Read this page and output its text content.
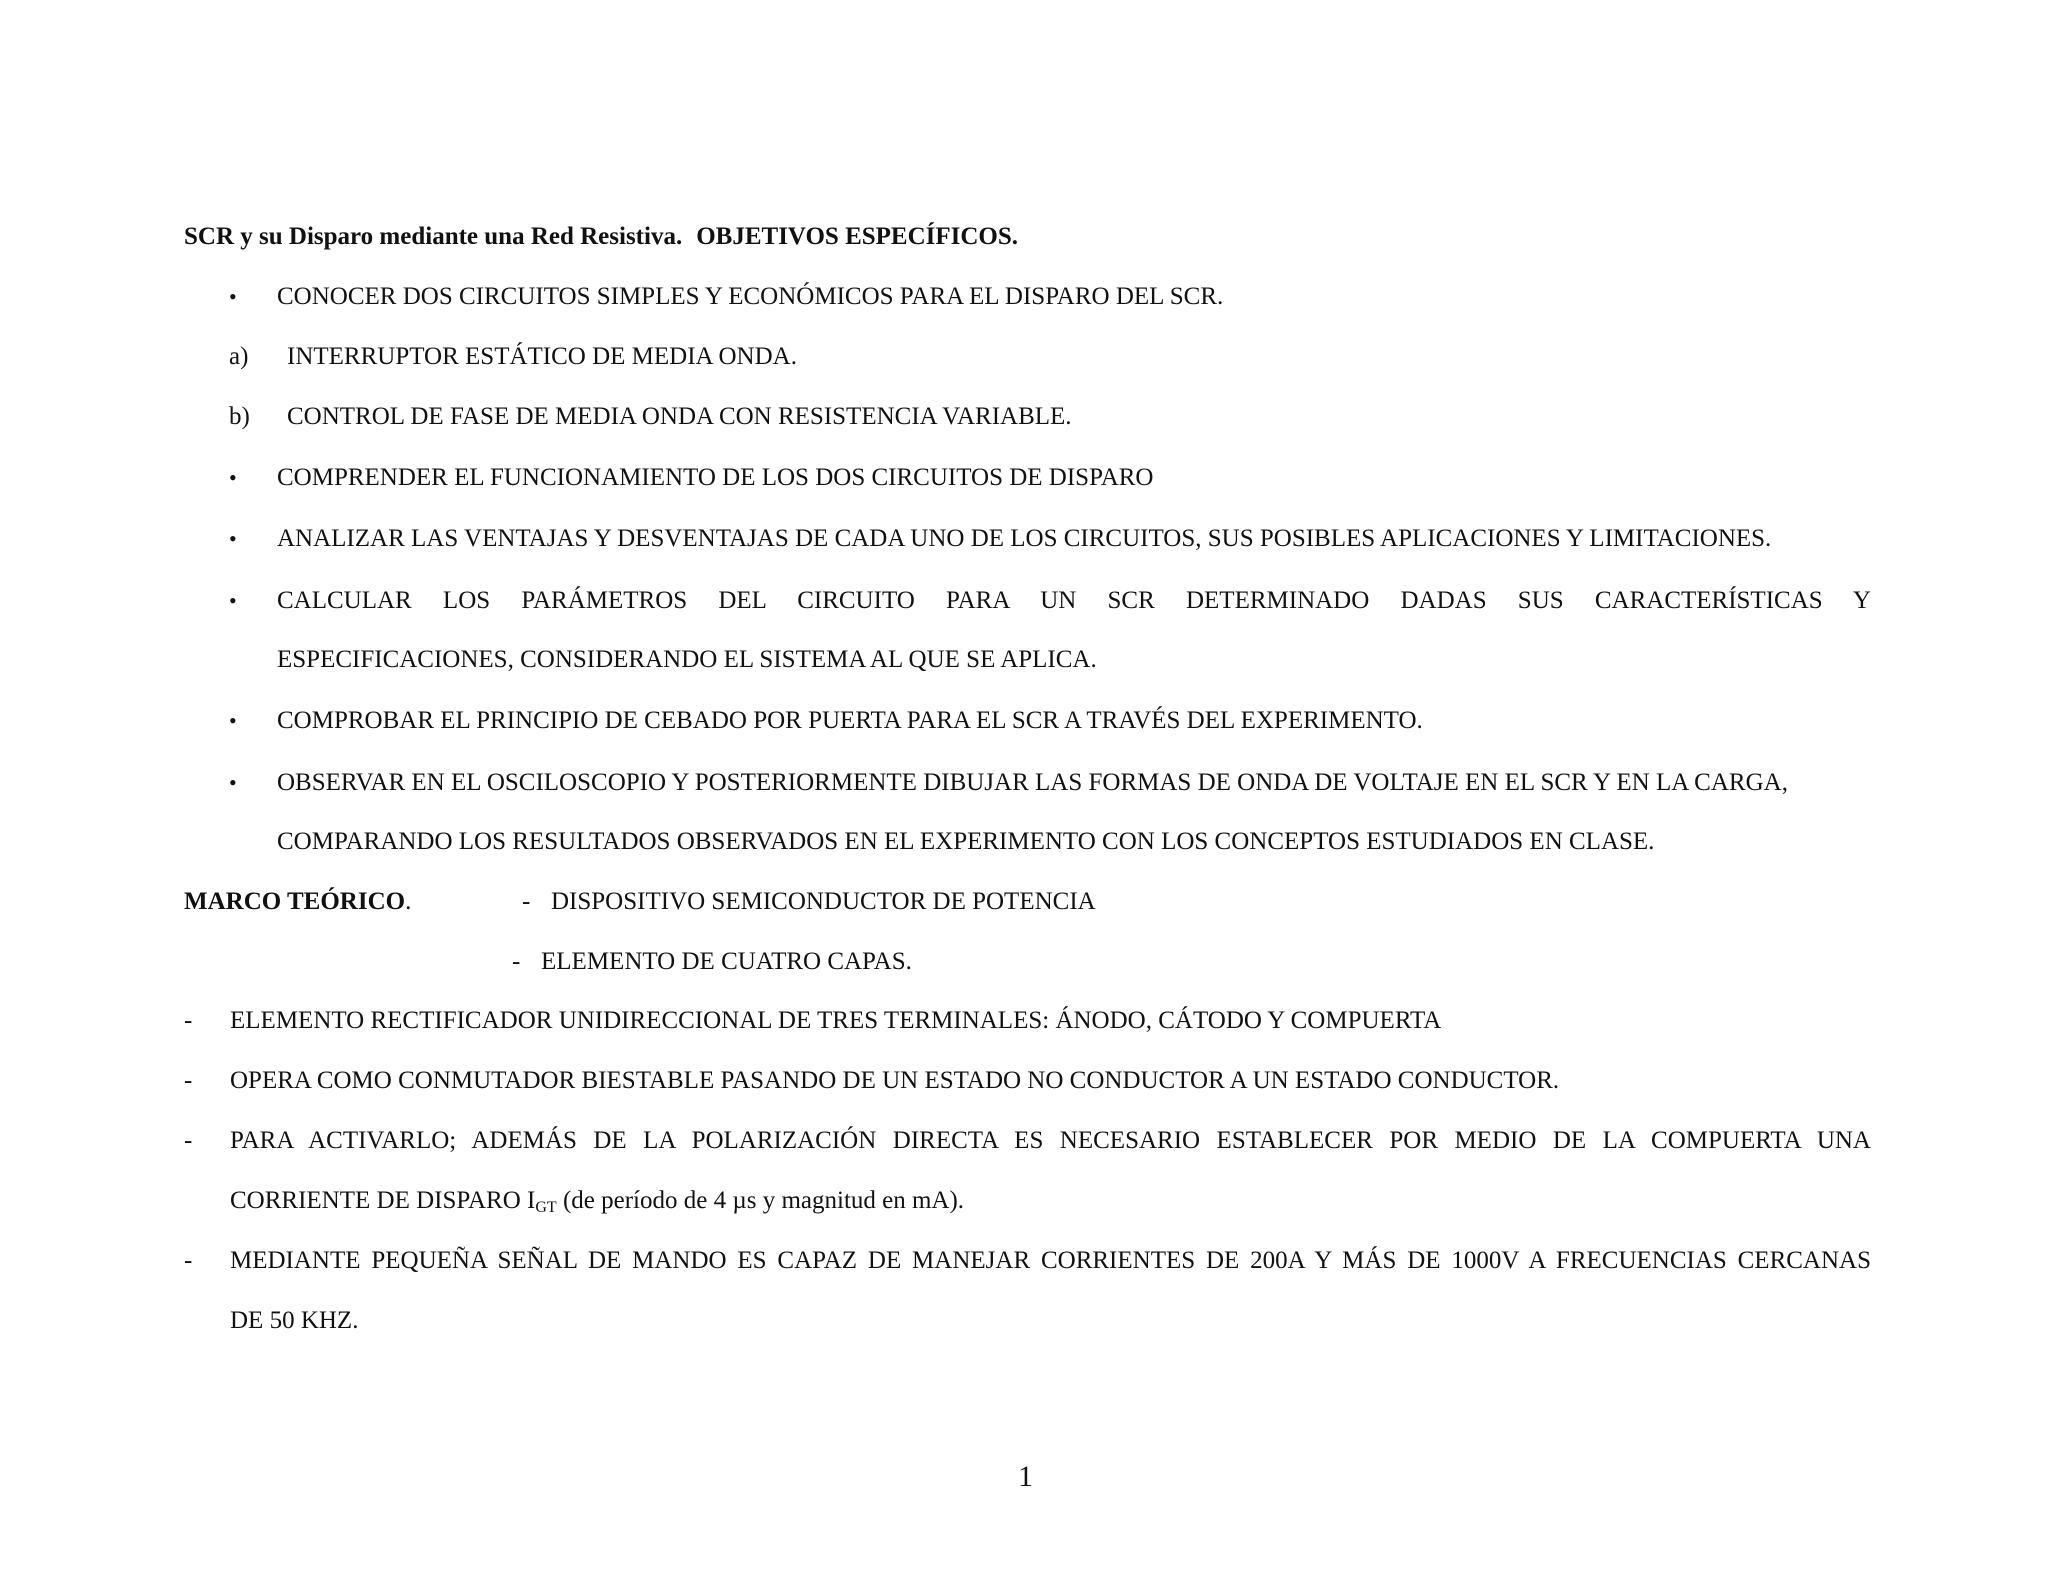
SCR y su Disparo mediante una Red Resistiva. OBJETIVOS ESPECÍFICOS.
• CONOCER DOS CIRCUITOS SIMPLES Y ECONÓMICOS PARA EL DISPARO DEL SCR.
a) INTERRUPTOR ESTÁTICO DE MEDIA ONDA.
b) CONTROL DE FASE DE MEDIA ONDA CON RESISTENCIA VARIABLE.
• COMPRENDER EL FUNCIONAMIENTO DE LOS DOS CIRCUITOS DE DISPARO
• ANALIZAR LAS VENTAJAS Y DESVENTAJAS DE CADA UNO DE LOS CIRCUITOS, SUS POSIBLES APLICACIONES Y LIMITACIONES.
• CALCULAR LOS PARÁMETROS DEL CIRCUITO PARA UN SCR DETERMINADO DADAS SUS CARACTERÍSTICAS Y
ESPECIFICACIONES, CONSIDERANDO EL SISTEMA AL QUE SE APLICA.
• COMPROBAR EL PRINCIPIO DE CEBADO POR PUERTA PARA EL SCR A TRAVÉS DEL EXPERIMENTO.
• OBSERVAR EN EL OSCILOSCOPIO Y POSTERIORMENTE DIBUJAR LAS FORMAS DE ONDA DE VOLTAJE EN EL SCR Y EN LA CARGA,
COMPARANDO LOS RESULTADOS OBSERVADOS EN EL EXPERIMENTO CON LOS CONCEPTOS ESTUDIADOS EN CLASE.
MARCO TEÓRICO.	- DISPOSITIVO SEMICONDUCTOR DE POTENCIA
- ELEMENTO DE CUATRO CAPAS.
- ELEMENTO RECTIFICADOR UNIDIRECCIONAL DE TRES TERMINALES: ÁNODO, CÁTODO Y COMPUERTA
- OPERA COMO CONMUTADOR BIESTABLE PASANDO DE UN ESTADO NO CONDUCTOR A UN ESTADO CONDUCTOR.
- PARA ACTIVARLO; ADEMÁS DE LA POLARIZACIÓN DIRECTA ES NECESARIO ESTABLECER POR MEDIO DE LA COMPUERTA UNA
CORRIENTE DE DISPARO $I_{GT}$ (de período de 4 µs y magnitud en mA).
- MEDIANTE PEQUEÑA SEÑAL DE MANDO ES CAPAZ DE MANEJAR CORRIENTES DE 200A Y MÁS DE 1000V A FRECUENCIAS CERCANAS
DE 50 KHZ.
1
